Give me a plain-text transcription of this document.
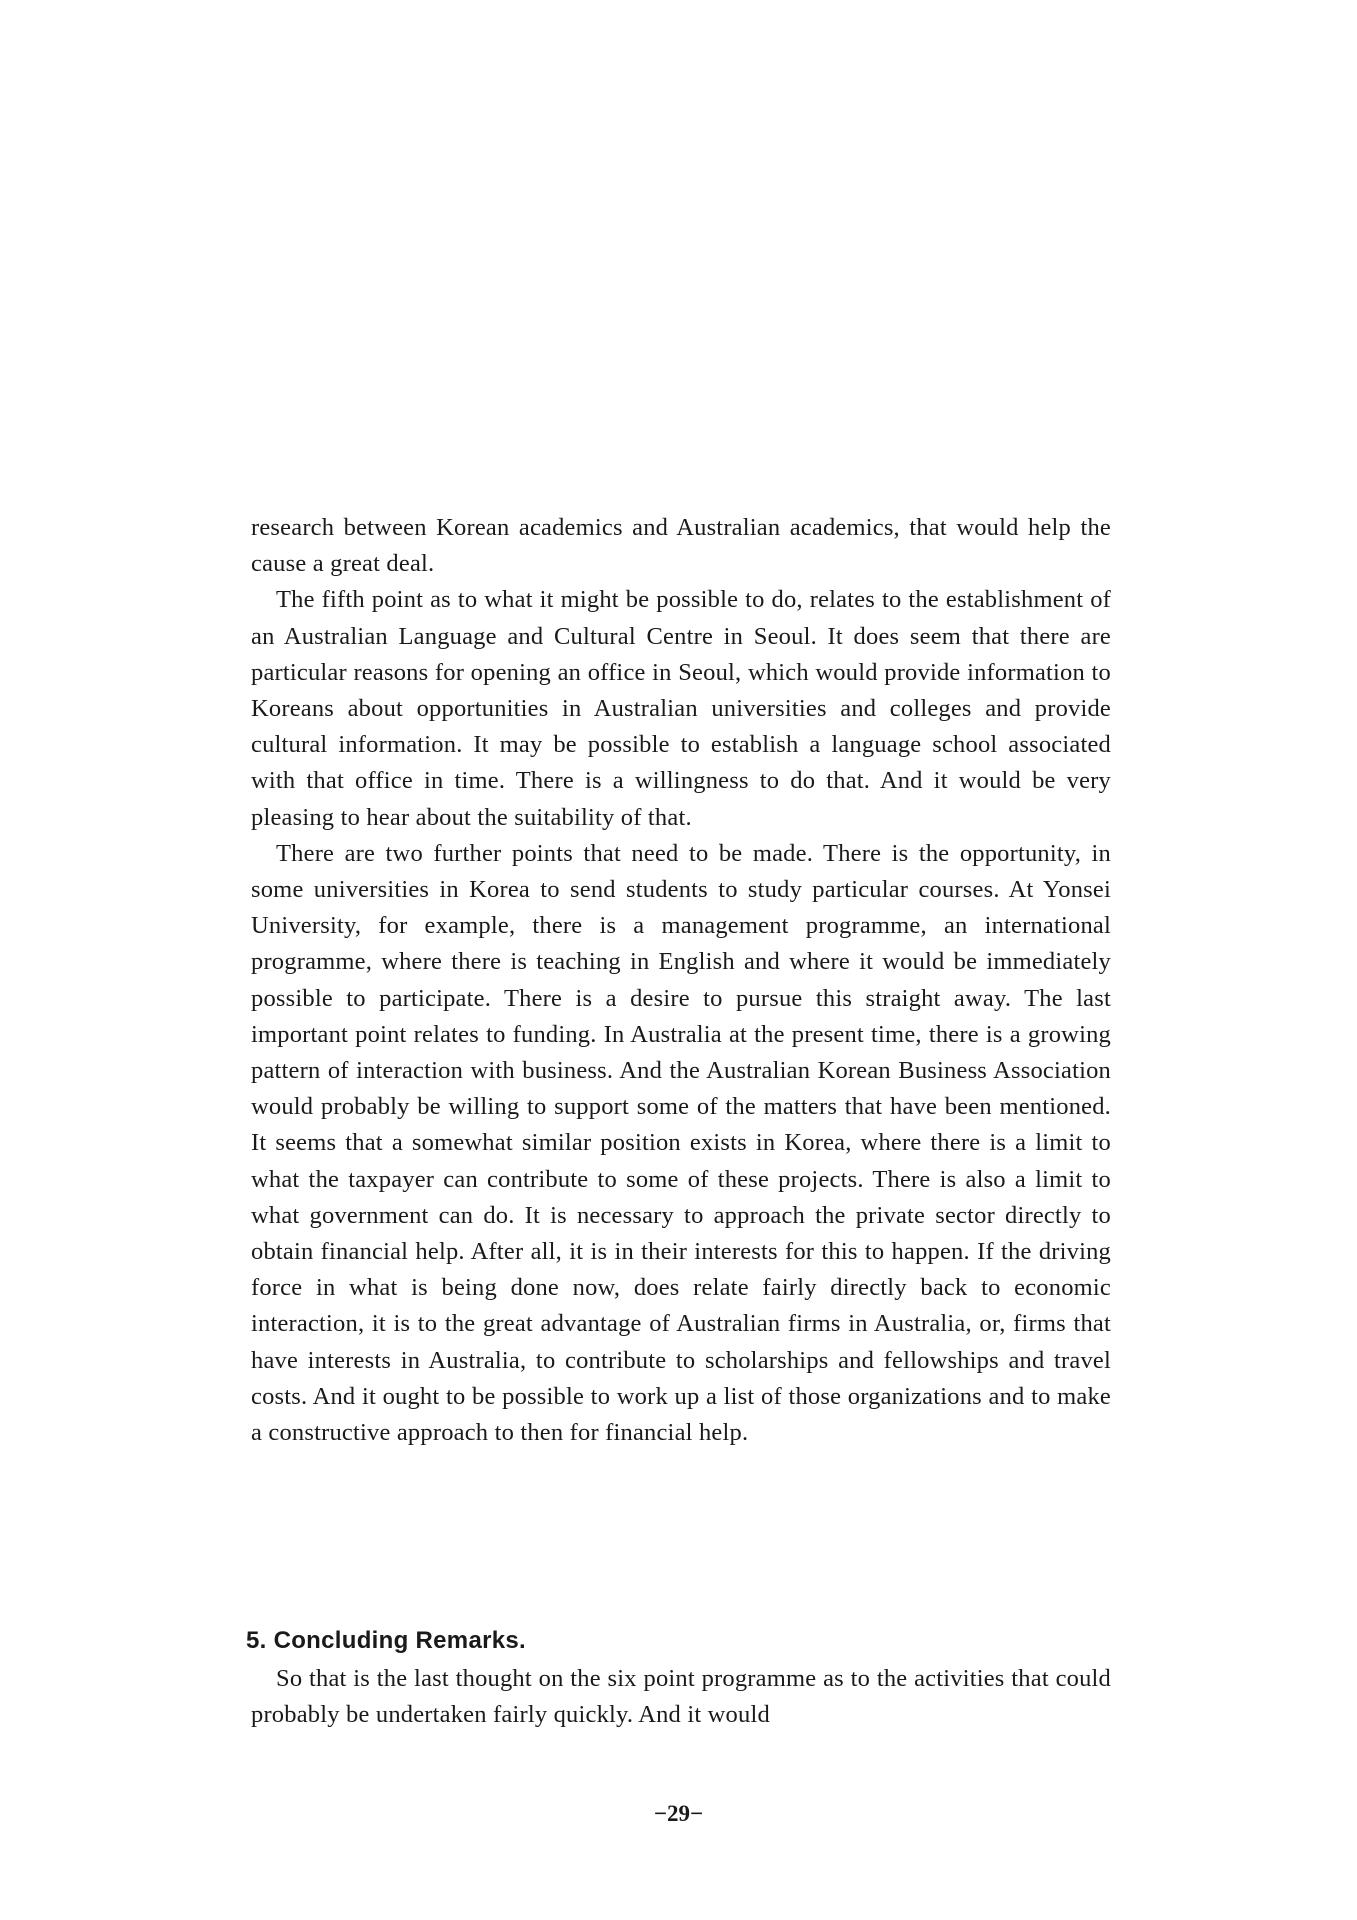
research between Korean academics and Australian academics, that would help the cause a great deal.

The fifth point as to what it might be possible to do, relates to the establishment of an Australian Language and Cultural Centre in Seoul. It does seem that there are particular reasons for opening an office in Seoul, which would provide information to Koreans about opportunities in Australian universities and colleges and provide cultural information. It may be possible to establish a language school associated with that office in time. There is a willingness to do that. And it would be very pleasing to hear about the suitability of that.

There are two further points that need to be made. There is the opportunity, in some universities in Korea to send students to study particular courses. At Yonsei University, for example, there is a management programme, an international programme, where there is teaching in English and where it would be immediately possible to participate. There is a desire to pursue this straight away. The last important point relates to funding. In Australia at the present time, there is a growing pattern of interaction with business. And the Australian Korean Business Association would probably be willing to support some of the matters that have been mentioned. It seems that a somewhat similar position exists in Korea, where there is a limit to what the taxpayer can contribute to some of these projects. There is also a limit to what government can do. It is necessary to approach the private sector directly to obtain financial help. After all, it is in their interests for this to happen. If the driving force in what is being done now, does relate fairly directly back to economic interaction, it is to the great advantage of Australian firms in Australia, or, firms that have interests in Australia, to contribute to scholarships and fellowships and travel costs. And it ought to be possible to work up a list of those organizations and to make a constructive approach to then for financial help.

5. Concluding Remarks.

So that is the last thought on the six point programme as to the activities that could probably be undertaken fairly quickly. And it would

−29−
